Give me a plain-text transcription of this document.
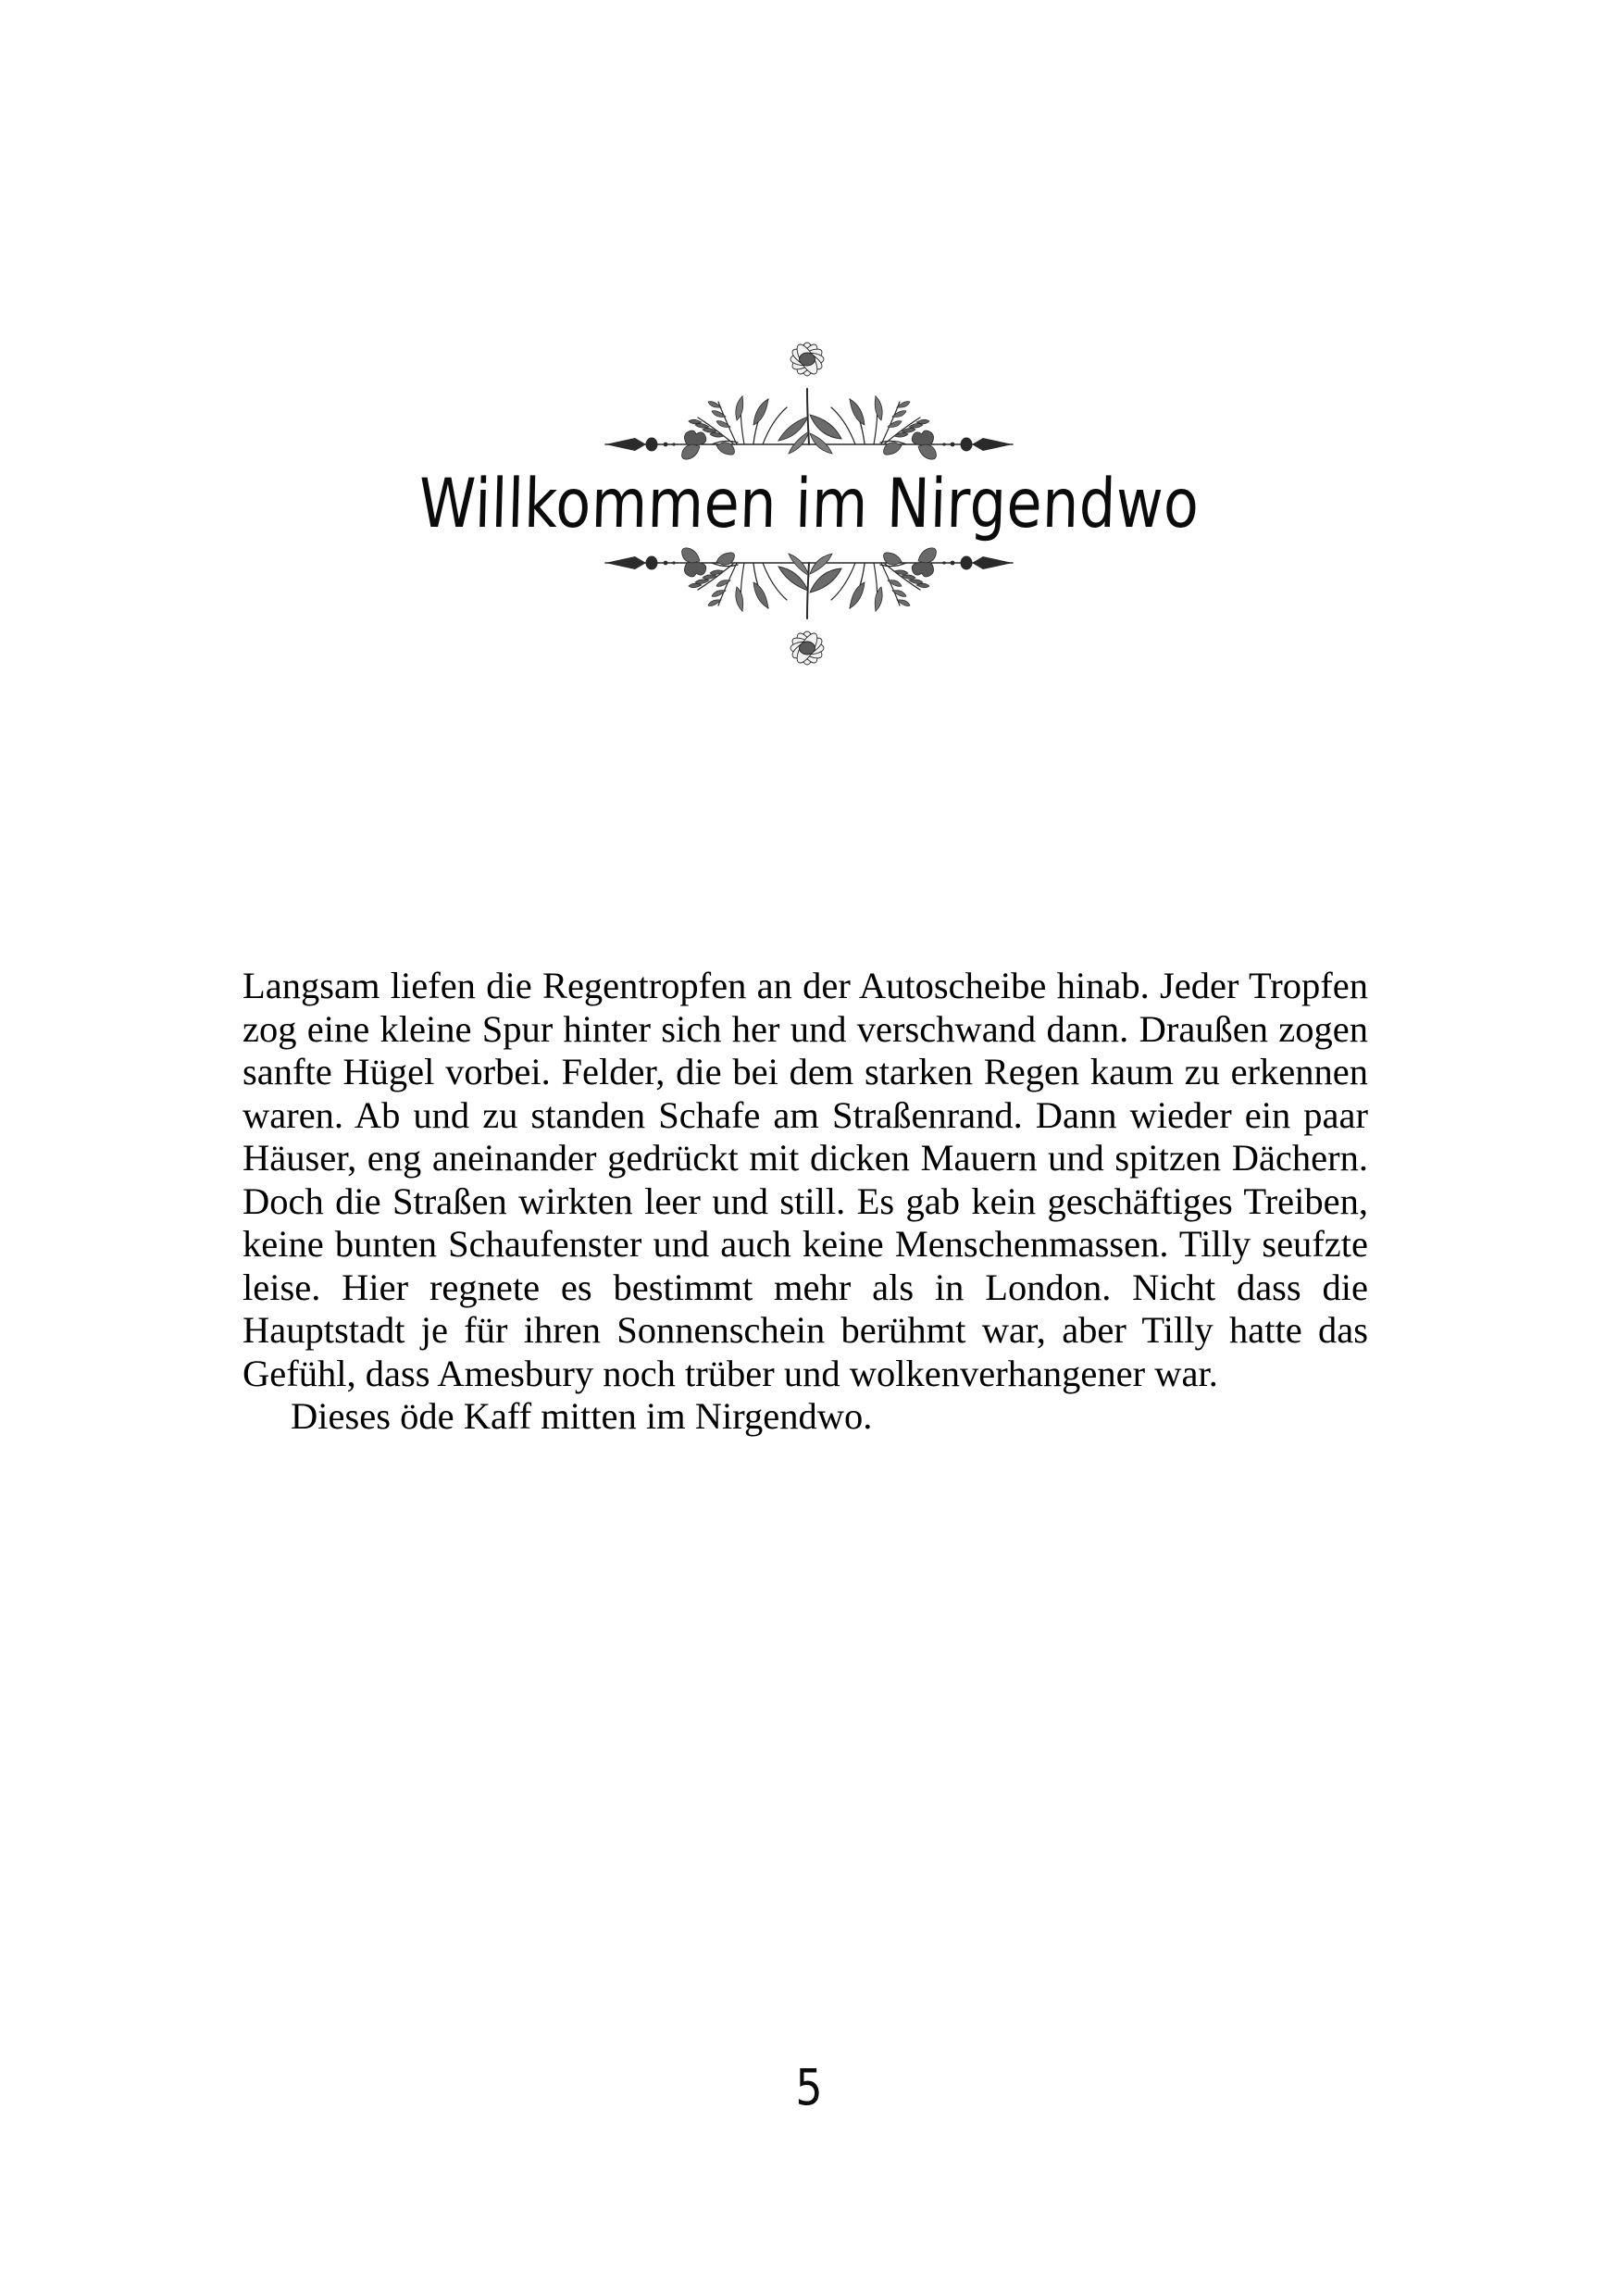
Willkommen im Nirgendwo

Langsam liefen die Regentropfen an der Autoscheibe hinab. Jeder Tropfen zog eine kleine Spur hinter sich her und verschwand dann. Draußen zogen sanfte Hügel vorbei. Felder, die bei dem starken Regen kaum zu erkennen waren. Ab und zu standen Schafe am Straßenrand. Dann wieder ein paar Häuser, eng aneinander gedrückt mit dicken Mauern und spitzen Dächern. Doch die Straßen wirkten leer und still. Es gab kein geschäftiges Treiben, keine bunten Schaufenster und auch keine Menschenmassen. Tilly seufzte leise. Hier regnete es bestimmt mehr als in London. Nicht dass die Hauptstadt je für ihren Sonnenschein berühmt war, aber Tilly hatte das Gefühl, dass Amesbury noch trüber und wolkenverhangener war.

Dieses öde Kaff mitten im Nirgendwo.

5
